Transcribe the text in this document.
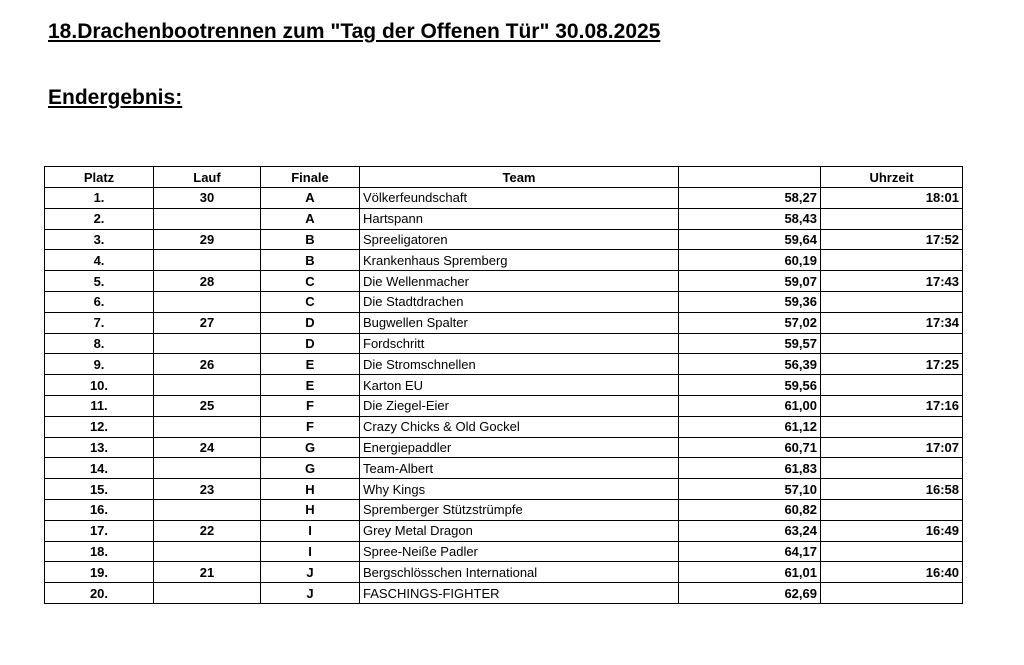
18.Drachenbootrennen zum "Tag der Offenen Tür" 30.08.2025
Endergebnis:
Platz	Lauf	Finale	Team		Uhrzeit
1.	30	A	Völkerfeundschaft	58,27	18:01
2.		A	Hartspann	58,43	
3.	29	B	Spreeligatoren	59,64	17:52
4.		B	Krankenhaus Spremberg	60,19	
5.	28	C	Die Wellenmacher	59,07	17:43
6.		C	Die Stadtdrachen	59,36	
7.	27	D	Bugwellen Spalter	57,02	17:34
8.		D	Fordschritt	59,57	
9.	26	E	Die Stromschnellen	56,39	17:25
10.		E	Karton EU	59,56	
11.	25	F	Die Ziegel-Eier	61,00	17:16
12.		F	Crazy Chicks & Old Gockel	61,12	
13.	24	G	Energiepaddler	60,71	17:07
14.		G	Team-Albert	61,83	
15.	23	H	Why Kings	57,10	16:58
16.		H	Spremberger Stützstrümpfe	60,82	
17.	22	I	Grey Metal Dragon	63,24	16:49
18.		I	Spree-Neiße Padler	64,17	
19.	21	J	Bergschlösschen International	61,01	16:40
20.		J	FASCHINGS-FIGHTER	62,69	
